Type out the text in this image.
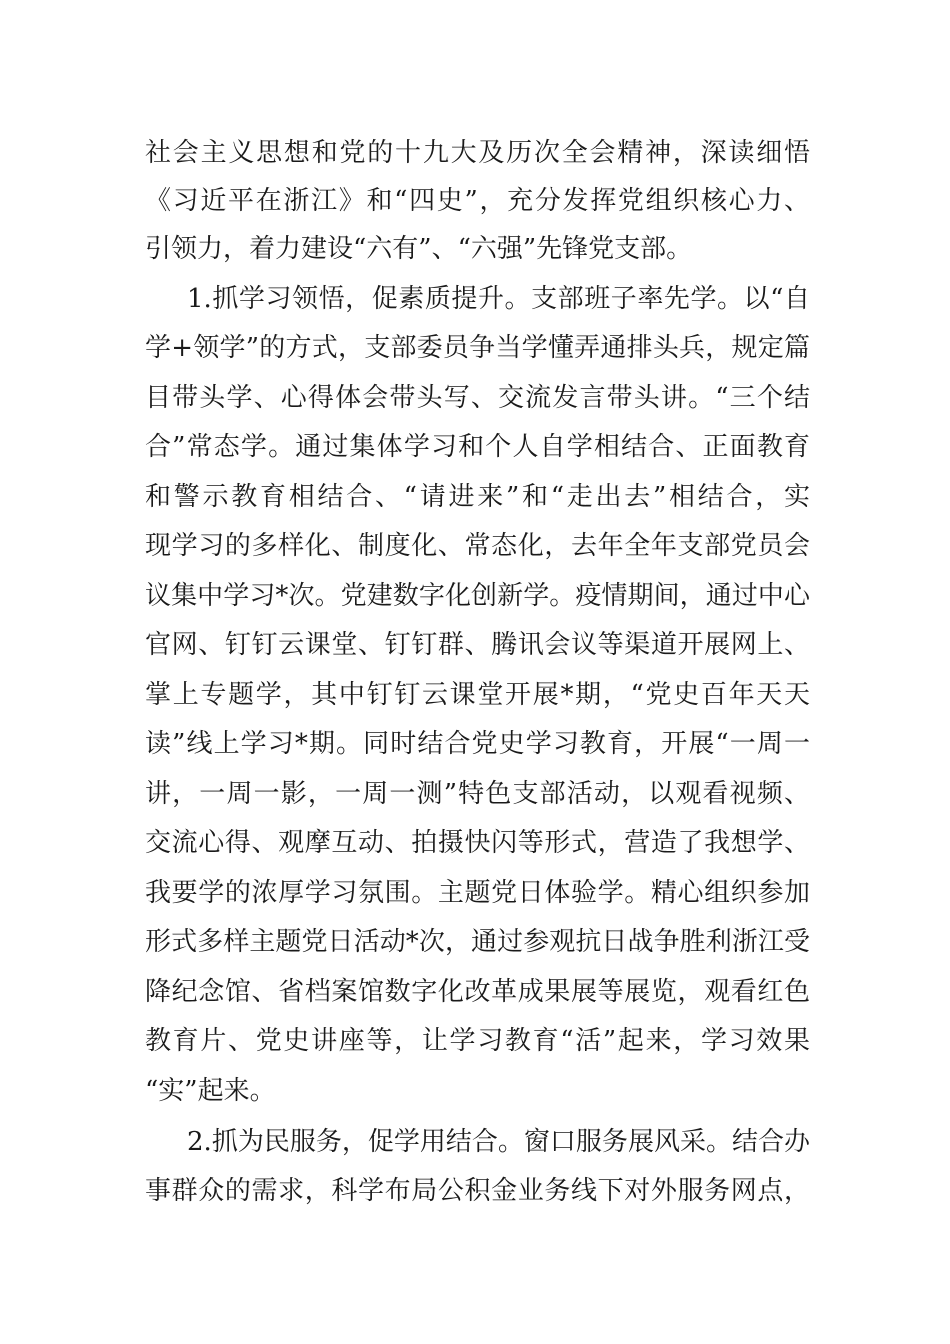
社会主义思想和党的十九大及历次全会精神，深读细悟
《习近平在浙江》和“四史”，充分发挥党组织核心力、
引领力，着力建设“六有”、“六强”先锋党支部。
1.抓学习领悟，促素质提升。支部班子率先学。以“自
学+领学”的方式，支部委员争当学懂弄通排头兵，规定篇
目带头学、心得体会带头写、交流发言带头讲。“三个结
合”常态学。通过集体学习和个人自学相结合、正面教育
和警示教育相结合、“请进来”和“走出去”相结合，实
现学习的多样化、制度化、常态化，去年全年支部党员会
议集中学习*次。党建数字化创新学。疫情期间，通过中心
官网、钉钉云课堂、钉钉群、腾讯会议等渠道开展网上、
掌上专题学，其中钉钉云课堂开展*期，“党史百年天天
读”线上学习*期。同时结合党史学习教育，开展“一周一
讲，一周一影，一周一测”特色支部活动，以观看视频、
交流心得、观摩互动、拍摄快闪等形式，营造了我想学、
我要学的浓厚学习氛围。主题党日体验学。精心组织参加
形式多样主题党日活动*次，通过参观抗日战争胜利浙江受
降纪念馆、省档案馆数字化改革成果展等展览，观看红色
教育片、党史讲座等，让学习教育“活”起来，学习效果
“实”起来。
2.抓为民服务，促学用结合。窗口服务展风采。结合办
事群众的需求，科学布局公积金业务线下对外服务网点，
